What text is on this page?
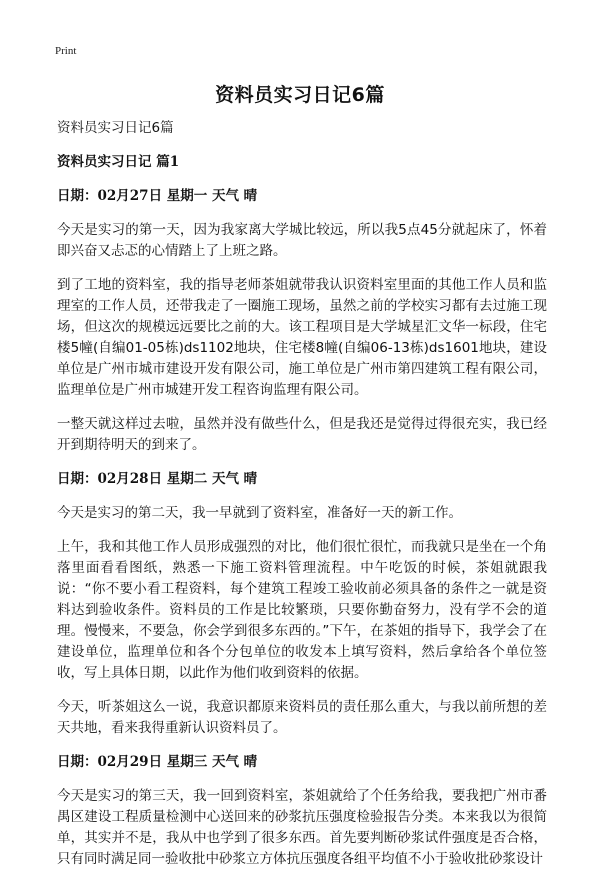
Print
资料员实习日记6篇
资料员实习日记6篇
资料员实习日记 篇1
日期：02月27日 星期一 天气 晴

今天是实习的第一天，因为我家离大学城比较远，所以我5点45分就起床了，怀着即兴奋又忐忑的心情踏上了上班之路。

到了工地的资料室，我的指导老师茶姐就带我认识资料室里面的其他工作人员和监理室的工作人员，还带我走了一圈施工现场，虽然之前的学校实习都有去过施工现场，但这次的规模远远要比之前的大。该工程项目是大学城星汇文华一标段，住宅楼5幢(自编01-05栋)ds1102地块，住宅楼8幢(自编06-13栋)ds1601地块，建设单位是广州市城市建设开发有限公司，施工单位是广州市第四建筑工程有限公司，监理单位是广州市城建开发工程咨询监理有限公司。

一整天就这样过去啦，虽然并没有做些什么，但是我还是觉得过得很充实，我已经开到期待明天的到来了。

日期：02月28日 星期二 天气 晴

今天是实习的第二天，我一早就到了资料室，准备好一天的新工作。

上午，我和其他工作人员形成强烈的对比，他们很忙很忙，而我就只是坐在一个角落里面看看图纸，熟悉一下施工资料管理流程。中午吃饭的时候，茶姐就跟我说：“你不要小看工程资料，每个建筑工程竣工验收前必须具备的条件之一就是资料达到验收条件。资料员的工作是比较繁琐，只要你勤奋努力，没有学不会的道理。慢慢来，不要急，你会学到很多东西的。”下午，在茶姐的指导下，我学会了在建设单位，监理单位和各个分包单位的收发本上填写资料，然后拿给各个单位签收，写上具体日期，以此作为他们收到资料的依据。

今天，听茶姐这么一说，我意识都原来资料员的责任那么重大，与我以前所想的差天共地，看来我得重新认识资料员了。

日期：02月29日 星期三 天气 晴

今天是实习的第三天，我一回到资料室，茶姐就给了个任务给我，要我把广州市番禺区建设工程质量检测中心送回来的砂浆抗压强度检验报告分类。本来我以为很简单，其实并不是，我从中也学到了很多东西。首先要判断砂浆试件强度是否合格，只有同时满足同一验收批中砂浆立方体抗压强度各组平均值不小于验收批砂浆设计
